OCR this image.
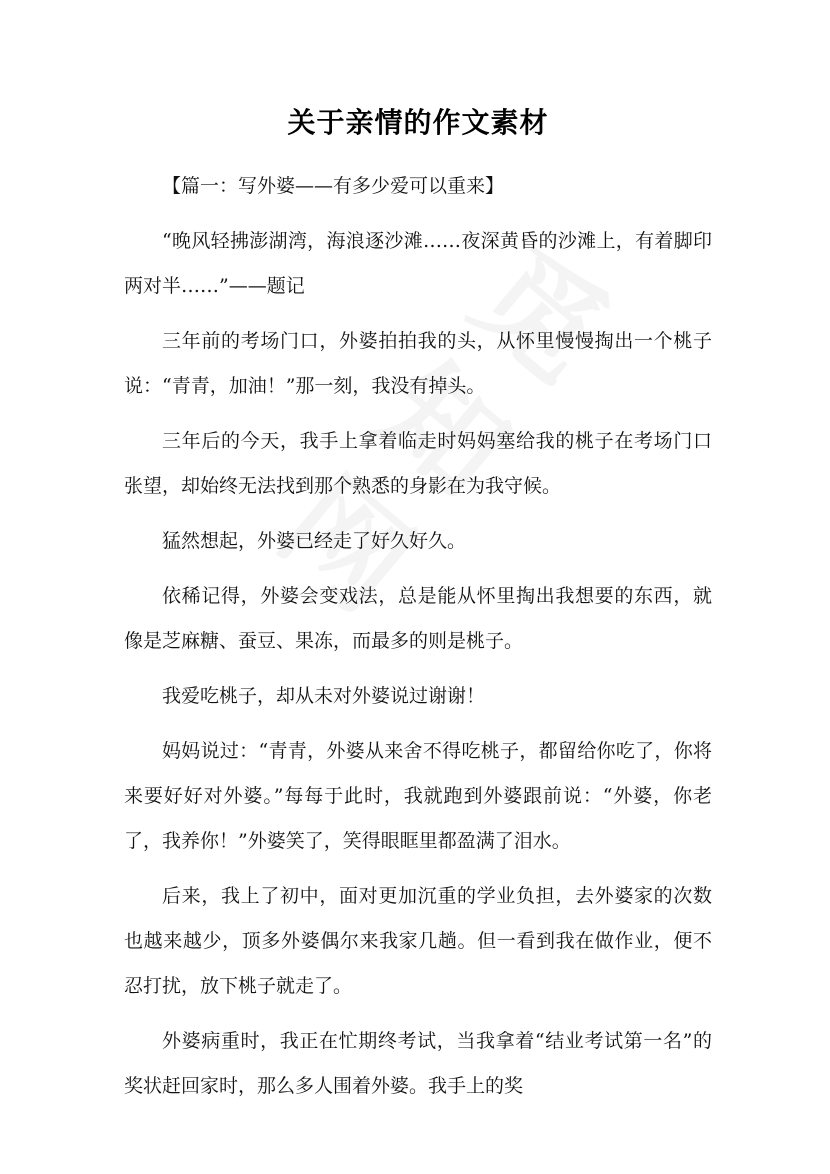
关于亲情的作文素材

【篇一：写外婆——有多少爱可以重来】

“晚风轻拂澎湖湾，海浪逐沙滩……夜深黄昏的沙滩上，有着脚印两对半……”——题记

三年前的考场门口，外婆拍拍我的头，从怀里慢慢掏出一个桃子说：“青青，加油！”那一刻，我没有掉头。

三年后的今天，我手上拿着临走时妈妈塞给我的桃子在考场门口张望，却始终无法找到那个熟悉的身影在为我守候。

猛然想起，外婆已经走了好久好久。

依稀记得，外婆会变戏法，总是能从怀里掏出我想要的东西，就像是芝麻糖、蚕豆、果冻，而最多的则是桃子。

我爱吃桃子，却从未对外婆说过谢谢！

妈妈说过：“青青，外婆从来舍不得吃桃子，都留给你吃了，你将来要好好对外婆。”每每于此时，我就跑到外婆跟前说：“外婆，你老了，我养你！”外婆笑了，笑得眼眶里都盈满了泪水。

后来，我上了初中，面对更加沉重的学业负担，去外婆家的次数也越来越少，顶多外婆偶尔来我家几趟。但一看到我在做作业，便不忍打扰，放下桃子就走了。

外婆病重时，我正在忙期终考试，当我拿着“结业考试第一名”的奖状赶回家时，那么多人围着外婆。我手上的奖
